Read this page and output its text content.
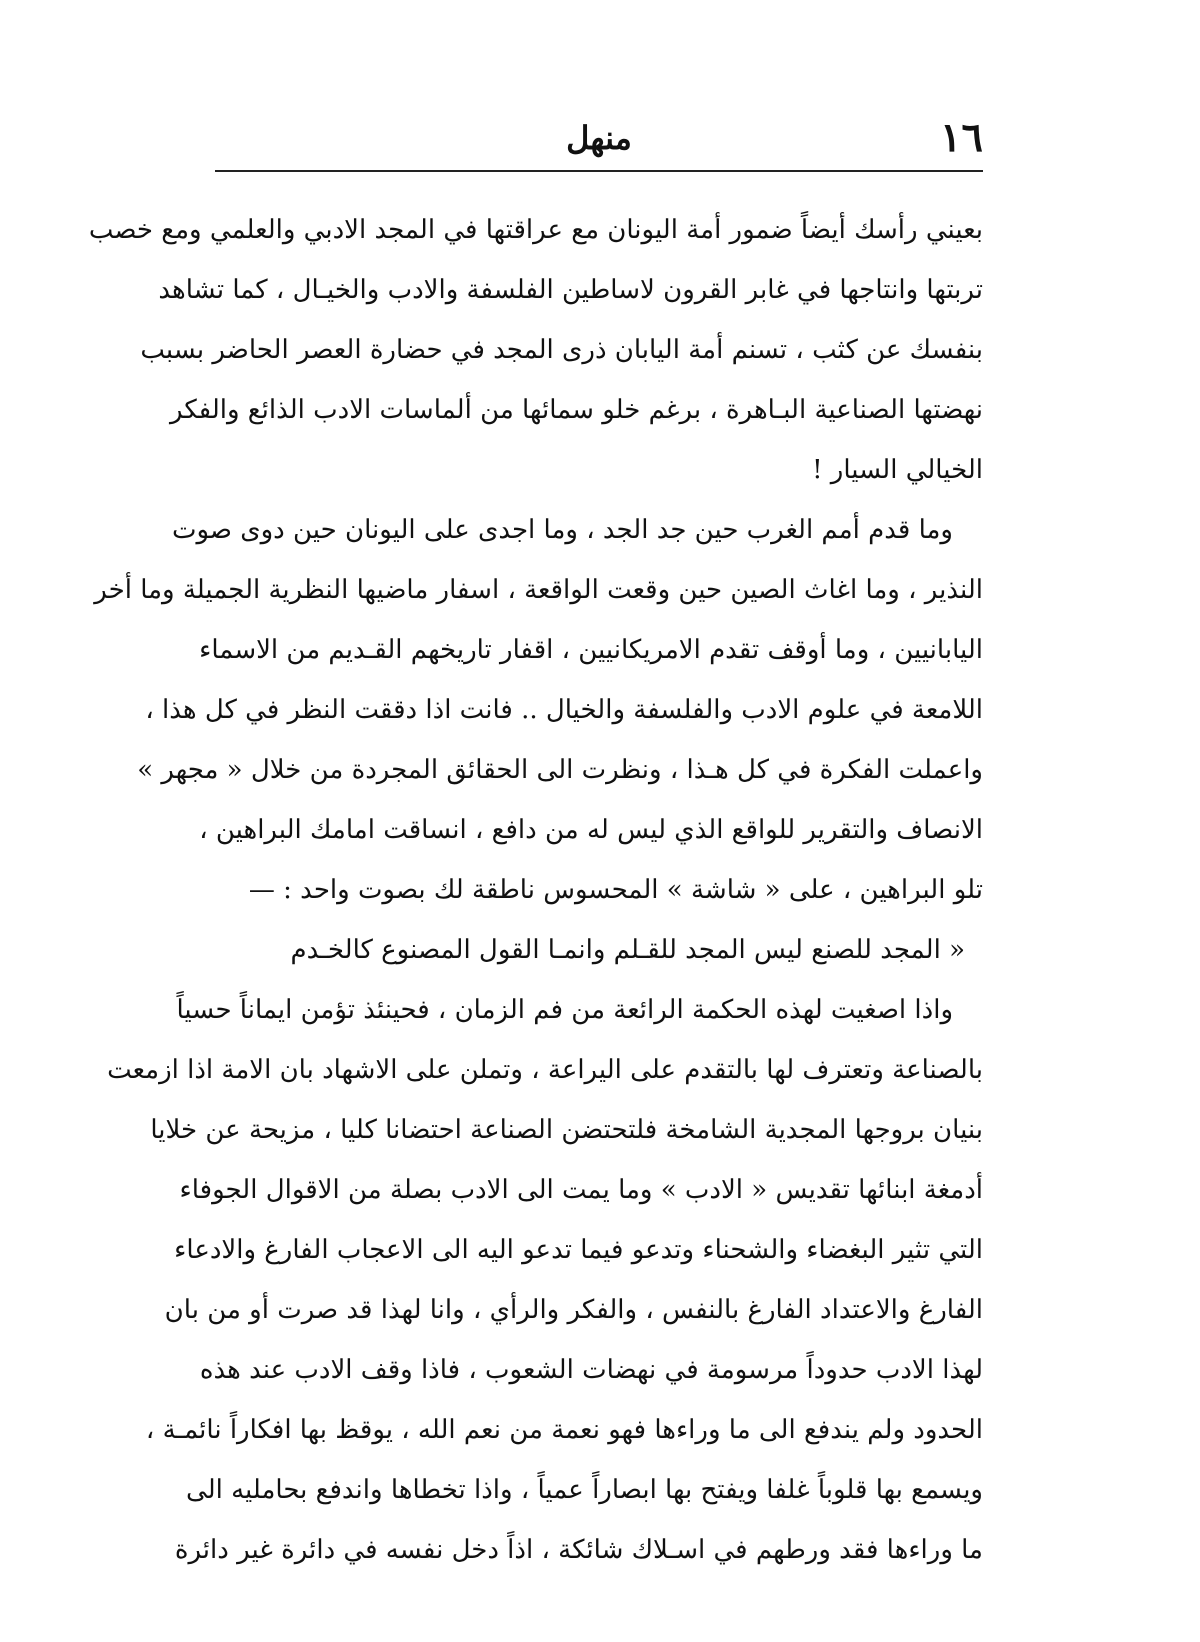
١٦
منهل
بعيني رأسك أيضاً ضمور أمة اليونان مع عراقتها في المجد الادبي والعلمي ومع خصب
تربتها وانتاجها في غابر القرون لاساطين الفلسفة والادب والخيـال ، كما تشاهد
بنفسك عن كثب ، تسنم أمة اليابان ذرى المجد في حضارة العصر الحاضر بسبب
نهضتها الصناعية البـاهرة ، برغم خلو سمائها من ألماسات الادب الذائع والفكر
الخيالي السيار !
وما قدم أمم الغرب حين جد الجد ، وما اجدى على اليونان حين دوى صوت
النذير ، وما اغاث الصين حين وقعت الواقعة ، اسفار ماضيها النظرية الجميلة وما أخر
اليابانيين ، وما أوقف تقدم الامريكانيين ، اقفار تاريخهم القـديم من الاسماء
اللامعة في علوم الادب والفلسفة والخيال .. فانت اذا دققت النظر في كل هذا ،
واعملت الفكرة في كل هـذا ، ونظرت الى الحقائق المجردة من خلال « مجهر »
الانصاف والتقرير للواقع الذي ليس له من دافع ، انساقت امامك البراهين ،
تلو البراهين ، على « شاشة » المحسوس ناطقة لك بصوت واحد : —
« المجد للصنع ليس المجد للقـلم وانمـا القول المصنوع كالخـدم
واذا اصغيت لهذه الحكمة الرائعة من فم الزمان ، فحينئذ تؤمن ايماناً حسياً
بالصناعة وتعترف لها بالتقدم على اليراعة ، وتملن على الاشهاد بان الامة اذا ازمعت
بنيان بروجها المجدية الشامخة فلتحتضن الصناعة احتضانا كليا ، مزيحة عن خلايا
أدمغة ابنائها تقديس « الادب » وما يمت الى الادب بصلة من الاقوال الجوفاء
التي تثير البغضاء والشحناء وتدعو فيما تدعو اليه الى الاعجاب الفارغ والادعاء
الفارغ والاعتداد الفارغ بالنفس ، والفكر والرأي ، وانا لهذا قد صرت أو من بان
لهذا الادب حدوداً مرسومة في نهضات الشعوب ، فاذا وقف الادب عند هذه
الحدود ولم يندفع الى ما وراءها فهو نعمة من نعم الله ، يوقظ بها افكاراً نائمـة ،
ويسمع بها قلوباً غلفا ويفتح بها ابصاراً عمياً ، واذا تخطاها واندفع بحامليه الى
ما وراءها فقد ورطهم في اسـلاك شائكة ، اذاً دخل نفسه في دائرة غير دائرة
